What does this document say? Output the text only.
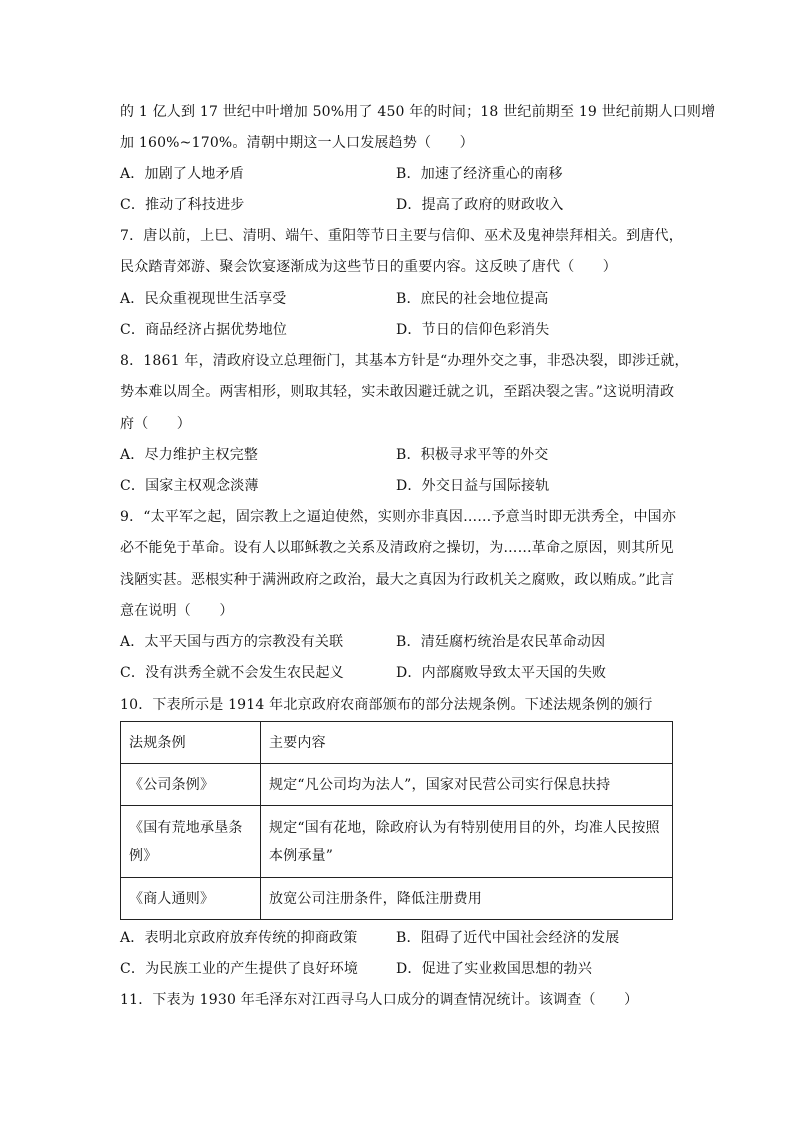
的 1 亿人到 17 世纪中叶增加 50%用了 450 年的时间；18 世纪前期至 19 世纪前期人口则增
加 160%~170%。清朝中期这一人口发展趋势（　　）
A．加剧了人地矛盾	B．加速了经济重心的南移
C．推动了科技进步	D．提高了政府的财政收入
7．唐以前，上巳、清明、端午、重阳等节日主要与信仰、巫术及鬼神崇拜相关。到唐代，
民众踏青郊游、聚会饮宴逐渐成为这些节日的重要内容。这反映了唐代（　　）
A．民众重视现世生活享受	B．庶民的社会地位提高
C．商品经济占据优势地位	D．节日的信仰色彩消失
8．1861 年，清政府设立总理衙门，其基本方针是“办理外交之事，非恐决裂，即涉迁就，
势本难以周全。两害相形，则取其轻，实未敢因避迁就之讥，至蹈决裂之害。”这说明清政
府（　　）
A．尽力维护主权完整	B．积极寻求平等的外交
C．国家主权观念淡薄	D．外交日益与国际接轨
9．“太平军之起，固宗教上之逼迫使然，实则亦非真因……予意当时即无洪秀全，中国亦
必不能免于革命。设有人以耶稣教之关系及清政府之操切，为……革命之原因，则其所见
浅陋实甚。恶根实种于满洲政府之政治，最大之真因为行政机关之腐败，政以贿成。”此言
意在说明（　　）
A．太平天国与西方的宗教没有关联	B．清廷腐朽统治是农民革命动因
C．没有洪秀全就不会发生农民起义	D．内部腐败导致太平天国的失败
10．下表所示是 1914 年北京政府农商部颁布的部分法规条例。下述法规条例的颁行
法规条例	主要内容
《公司条例》	规定“凡公司均为法人”，国家对民营公司实行保息扶持
《国有荒地承垦条例》	规定“国有花地，除政府认为有特别使用目的外，均准人民按照本例承量”
《商人通则》	放宽公司注册条件，降低注册费用
A．表明北京政府放弃传统的抑商政策	B．阻碍了近代中国社会经济的发展
C．为民族工业的产生提供了良好环境	D．促进了实业救国思想的勃兴
11．下表为 1930 年毛泽东对江西寻乌人口成分的调查情况统计。该调查（　　）
